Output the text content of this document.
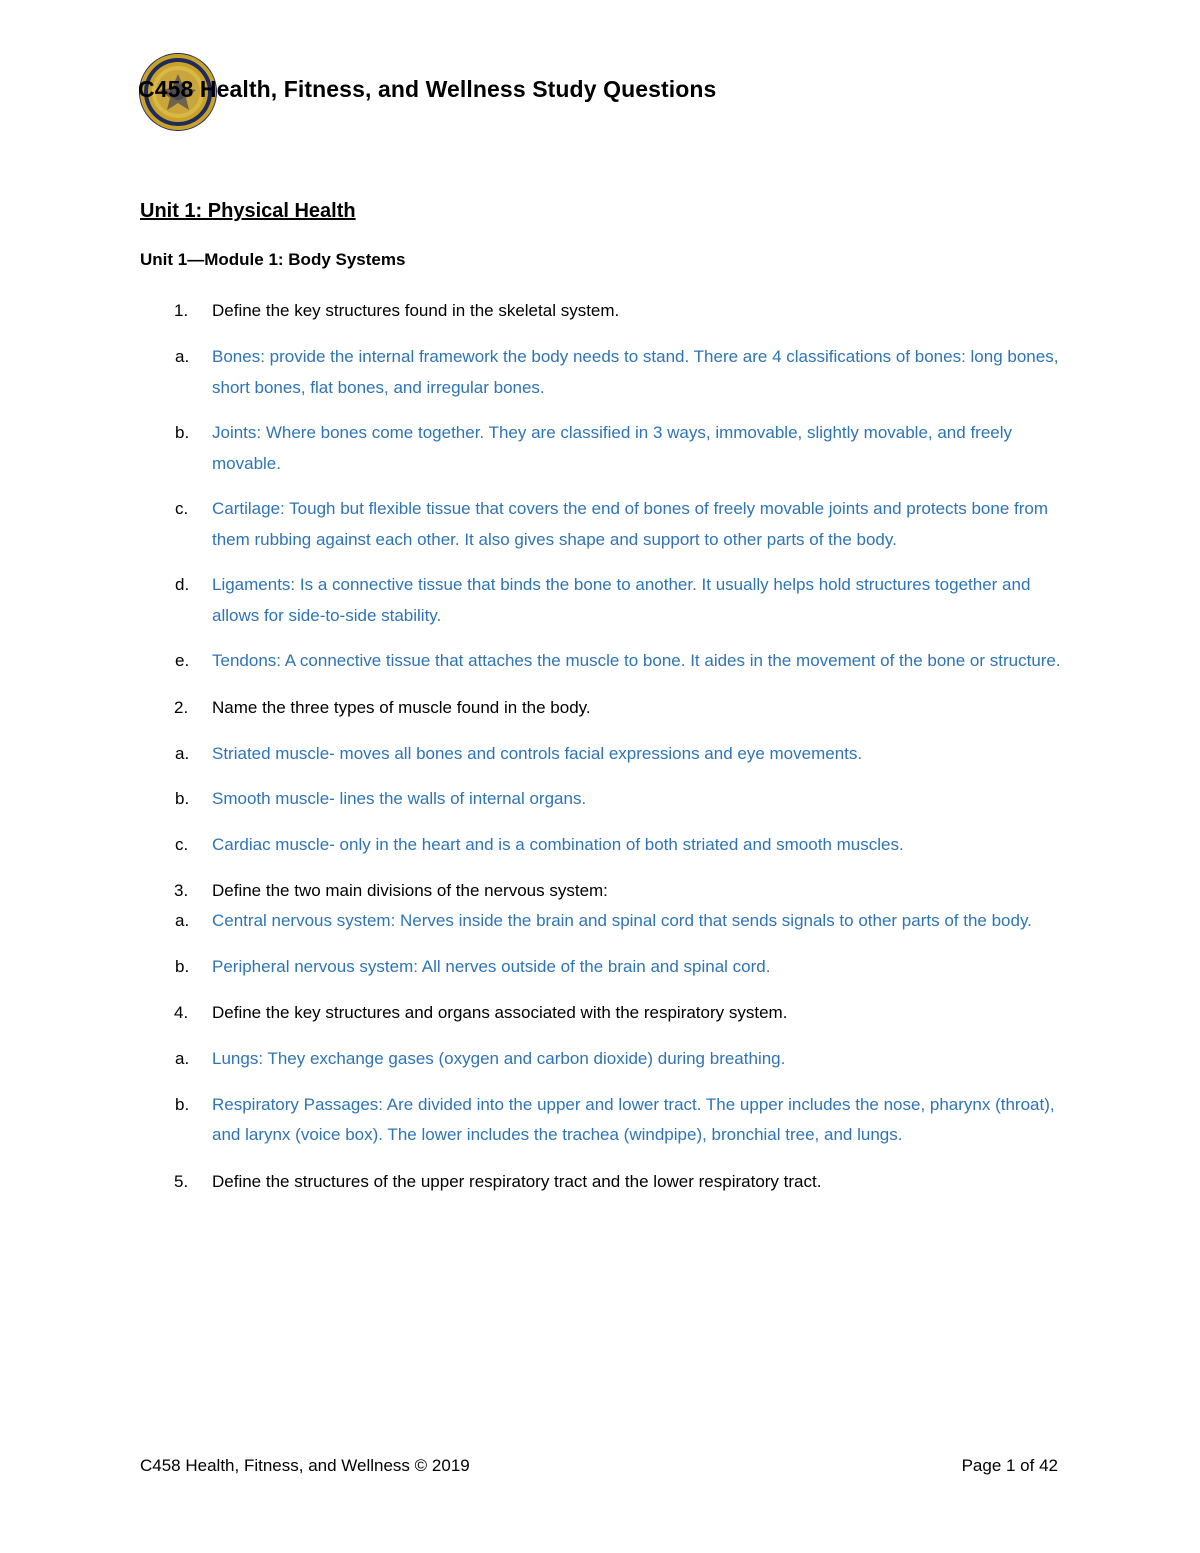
C458 Health, Fitness, and Wellness Study Questions
Unit 1: Physical Health
Unit 1—Module 1: Body Systems
1. Define the key structures found in the skeletal system.
a. Bones: provide the internal framework the body needs to stand. There are 4 classifications of bones: long bones, short bones, flat bones, and irregular bones.
b. Joints: Where bones come together. They are classified in 3 ways, immovable, slightly movable, and freely movable.
c. Cartilage: Tough but flexible tissue that covers the end of bones of freely movable joints and protects bone from them rubbing against each other. It also gives shape and support to other parts of the body.
d. Ligaments: Is a connective tissue that binds the bone to another. It usually helps hold structures together and allows for side-to-side stability.
e. Tendons: A connective tissue that attaches the muscle to bone. It aides in the movement of the bone or structure.
2. Name the three types of muscle found in the body.
a. Striated muscle- moves all bones and controls facial expressions and eye movements.
b. Smooth muscle- lines the walls of internal organs.
c. Cardiac muscle- only in the heart and is a combination of both striated and smooth muscles.
3. Define the two main divisions of the nervous system:
a. Central nervous system: Nerves inside the brain and spinal cord that sends signals to other parts of the body.
b. Peripheral nervous system: All nerves outside of the brain and spinal cord.
4. Define the key structures and organs associated with the respiratory system.
a. Lungs: They exchange gases (oxygen and carbon dioxide) during breathing.
b. Respiratory Passages: Are divided into the upper and lower tract. The upper includes the nose, pharynx (throat), and larynx (voice box). The lower includes the trachea (windpipe), bronchial tree, and lungs.
5. Define the structures of the upper respiratory tract and the lower respiratory tract.
C458 Health, Fitness, and Wellness © 2019	Page 1 of 42
